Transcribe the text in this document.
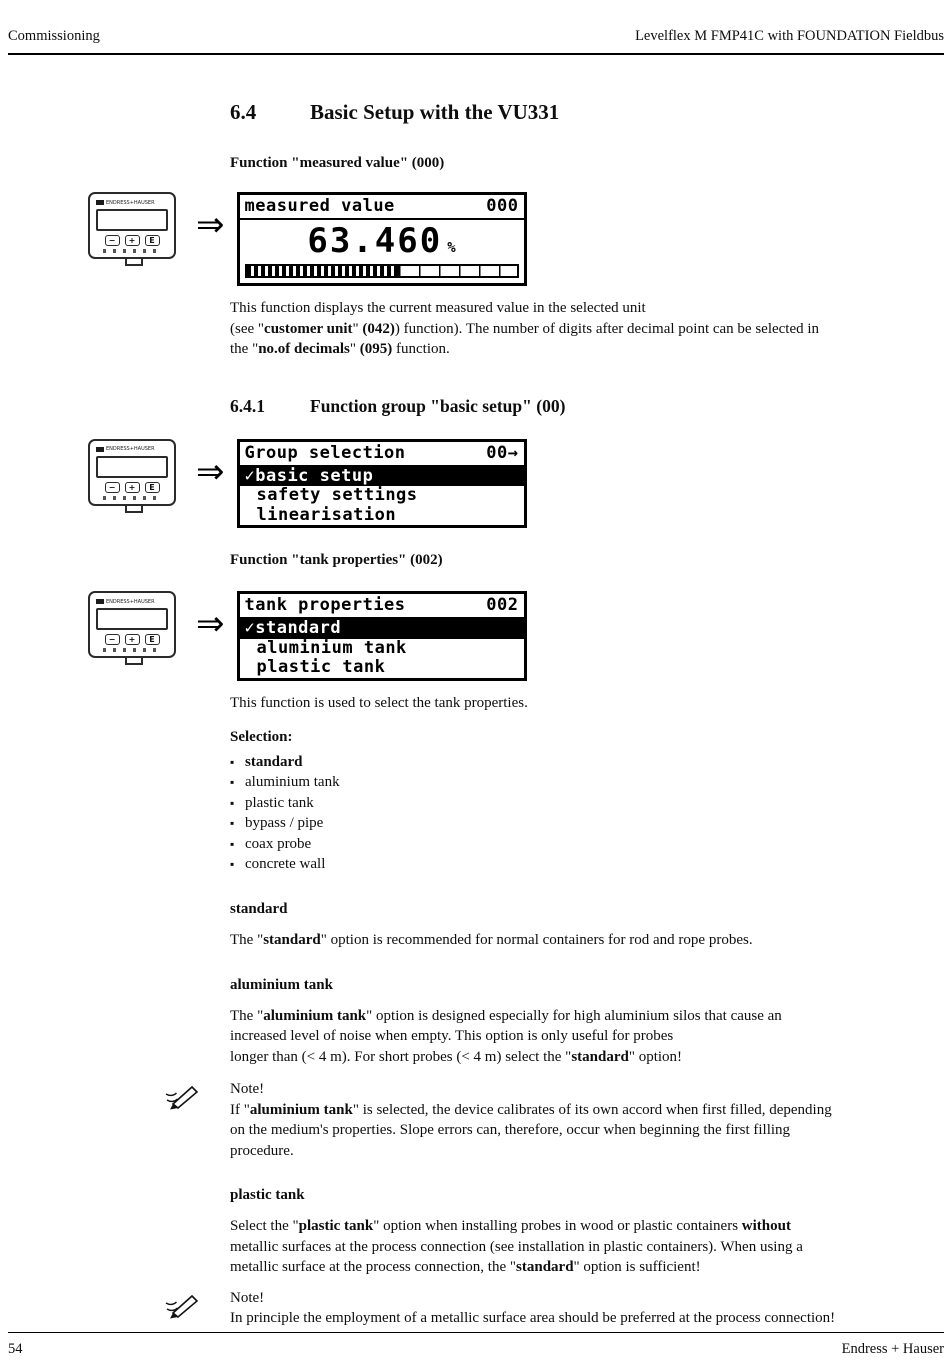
Commissioning	Levelflex M FMP41C with FOUNDATION Fieldbus
6.4	Basic Setup with the VU331
Function "measured value" (000)
ENDRESS+HAUSER
−	+	E ⇒ measured value	000
63.460 %
This function displays the current measured value in the selected unit
(see "customer unit" (042)) function). The number of digits after decimal point can be selected in
the "no.of decimals" (095) function.
6.4.1	Function group "basic setup" (00)
ENDRESS+HAUSER
−	+	E ⇒ Group selection	00→
✓basic setup
safety settings
linearisation
Function "tank properties" (002)
ENDRESS+HAUSER
−	+	E ⇒ tank properties	002
✓standard
aluminium tank
plastic tank
This function is used to select the tank properties.
Selection:
▪ standard
▪ aluminium tank
▪ plastic tank
▪ bypass / pipe
▪ coax probe
▪ concrete wall
standard
The "standard" option is recommended for normal containers for rod and rope probes.
aluminium tank
The "aluminium tank" option is designed especially for high aluminium silos that cause an
increased level of noise when empty. This option is only useful for probes
longer than (< 4 m). For short probes (< 4 m) select the "standard" option!
Note!
If "aluminium tank" is selected, the device calibrates of its own accord when first filled, depending
on the medium's properties. Slope errors can, therefore, occur when beginning the first filling
procedure.
plastic tank
Select the "plastic tank" option when installing probes in wood or plastic containers without
metallic surfaces at the process connection (see installation in plastic containers). When using a
metallic surface at the process connection, the "standard" option is sufficient!
Note!
In principle the employment of a metallic surface area should be preferred at the process connection!
54	Endress + Hauser
